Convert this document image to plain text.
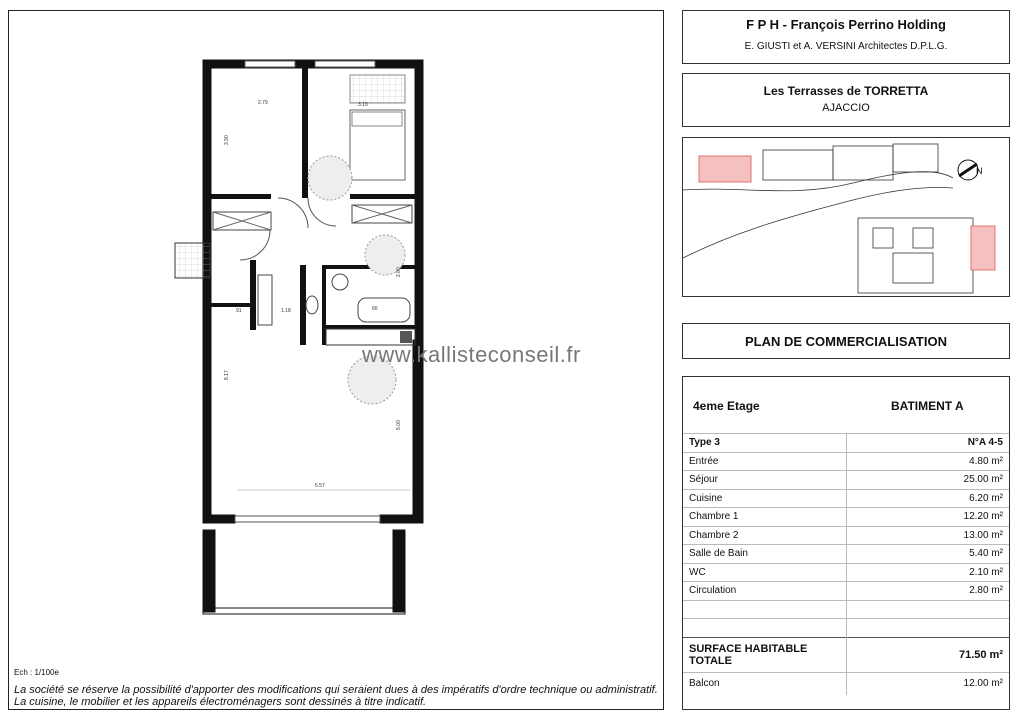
2.79	3.10
3.90
91
8.17
5.00
5.57
1.18	60
2.80
www.kallisteconseil.fr
Ech : 1/100e
La société se réserve la possibilité d'apporter des modifications qui seraient dues à des impératifs d'ordre technique ou administratif.
La cuisine, le mobilier et les appareils électroménagers sont dessinés à titre indicatif.
F P H - François Perrino Holding
E. GIUSTI et A. VERSINI Architectes D.P.L.G.
Les Terrasses de TORRETTA
AJACCIO
N
PLAN DE COMMERCIALISATION
4eme Etage	BATIMENT A
Type 3	N°A 4-5
Entrée	4.80 m²
Séjour	25.00 m²
Cuisine	6.20 m²
Chambre 1	12.20 m²
Chambre 2	13.00 m²
Salle de Bain	5.40 m²
WC	2.10 m²
Circulation	2.80 m²

SURFACE HABITABLE TOTALE	71.50 m²
Balcon	12.00 m²
